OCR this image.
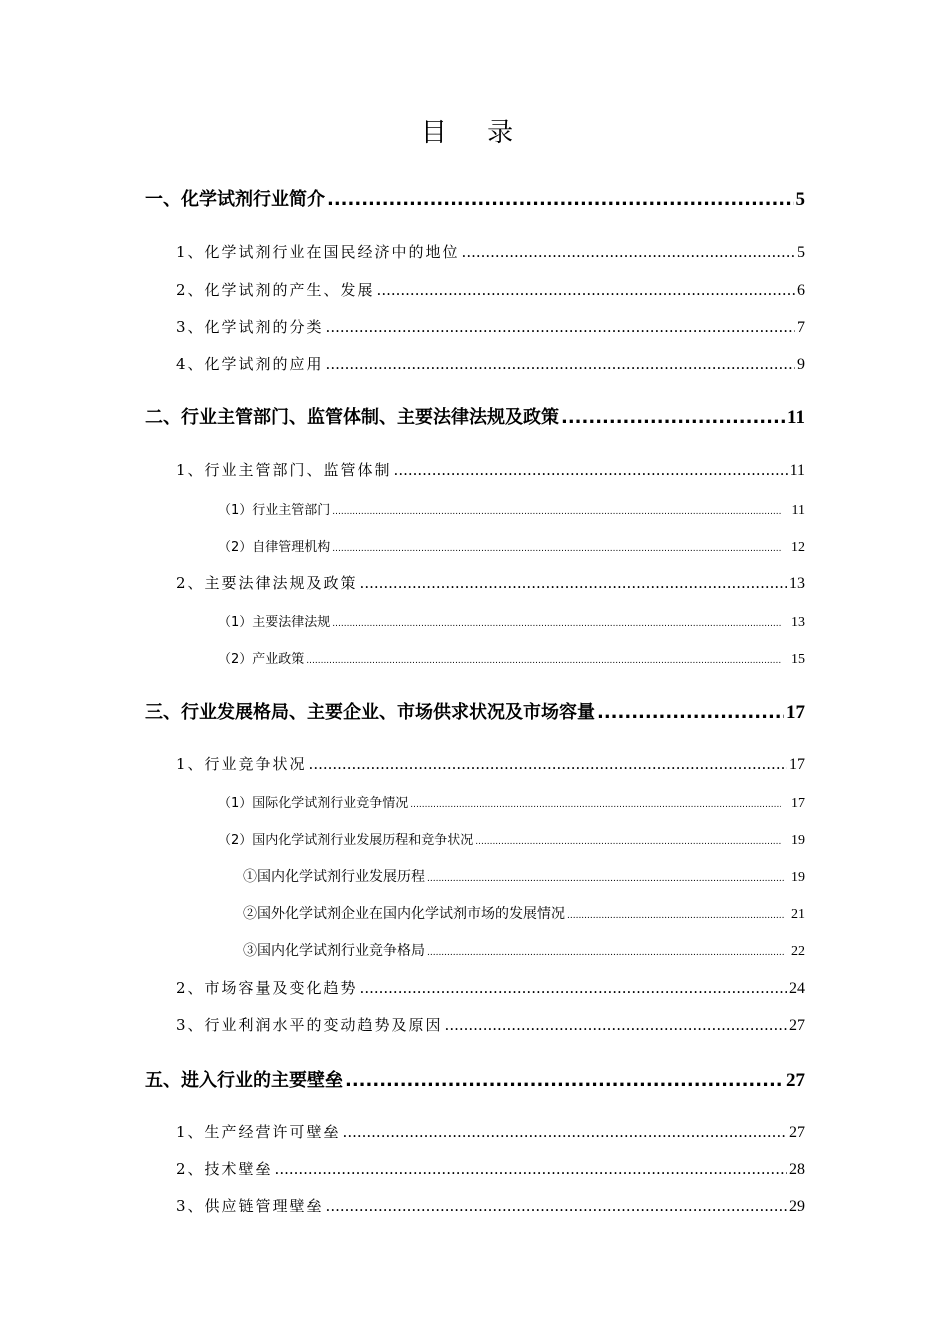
目 录
一、化学试剂行业简介 .....	5
1、化学试剂行业在国民经济中的地位 .....	5
2、化学试剂的产生、发展 .....	6
3、化学试剂的分类 .....	7
4、化学试剂的应用 .....	9
二、行业主管部门、监管体制、主要法律法规及政策 .....	11
1、行业主管部门、监管体制 .....	11
（1）行业主管部门 .....	11
（2）自律管理机构 .....	12
2、主要法律法规及政策 .....	13
（1）主要法律法规 .....	13
（2）产业政策 .....	15
三、行业发展格局、主要企业、市场供求状况及市场容量 .....	17
1、行业竞争状况 .....	17
（1）国际化学试剂行业竞争情况 .....	17
（2）国内化学试剂行业发展历程和竞争状况 .....	19
①国内化学试剂行业发展历程 .....	19
②国外化学试剂企业在国内化学试剂市场的发展情况 .....	21
③国内化学试剂行业竞争格局 .....	22
2、市场容量及变化趋势 .....	24
3、行业利润水平的变动趋势及原因 .....	27
五、进入行业的主要壁垒 .....	27
1、生产经营许可壁垒 .....	27
2、技术壁垒 .....	28
3、供应链管理壁垒 .....	29
